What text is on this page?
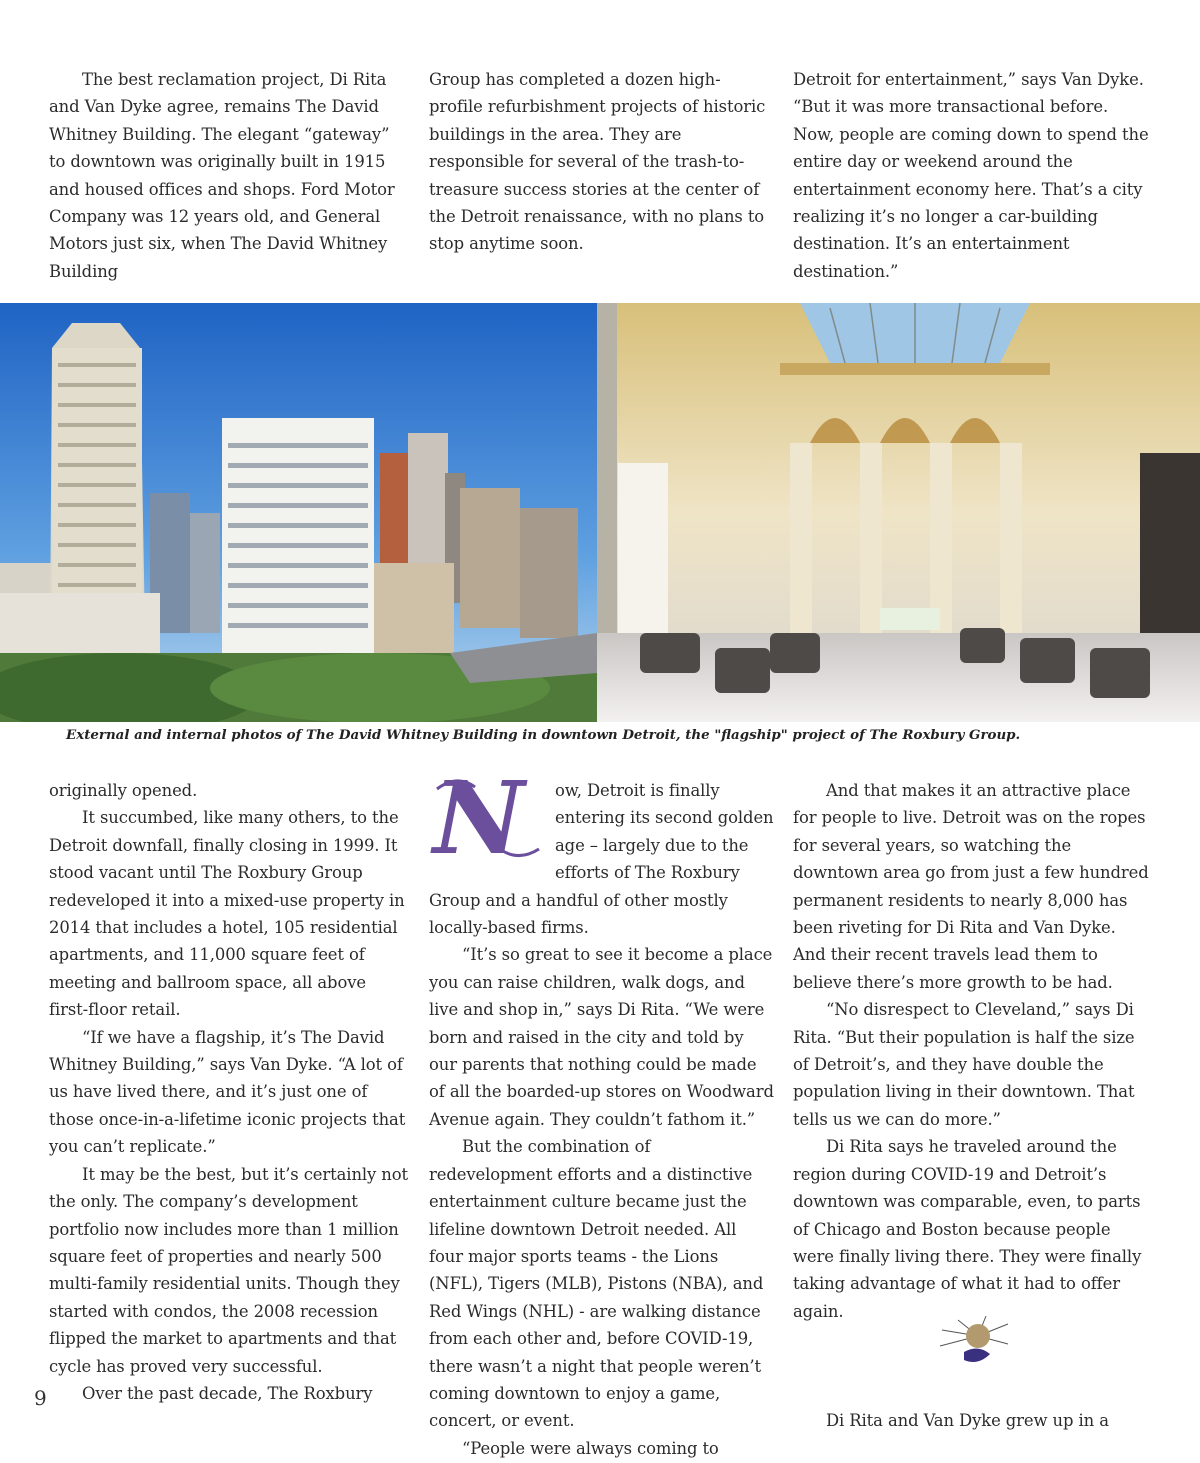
The best reclamation project, Di Rita and Van Dyke agree, remains The David Whitney Building. The elegant “gateway” to downtown was originally built in 1915 and housed offices and shops. Ford Motor Company was 12 years old, and General Motors just six, when The David Whitney Building

Group has completed a dozen high-profile refurbishment projects of historic buildings in the area. They are responsible for several of the trash-to-treasure success stories at the center of the Detroit renaissance, with no plans to stop anytime soon.

Detroit for entertainment,” says Van Dyke. “But it was more transactional before. Now, people are coming down to spend the entire day or weekend around the entertainment economy here. That’s a city realizing it’s no longer a car-building destination. It’s an entertainment destination.”

External and internal photos of The David Whitney Building in downtown Detroit, the "flagship" project of The Roxbury Group.

originally opened.

It succumbed, like many others, to the Detroit downfall, finally closing in 1999. It stood vacant until The Roxbury Group redeveloped it into a mixed-use property in 2014 that includes a hotel, 105 residential apartments, and 11,000 square feet of meeting and ballroom space, all above first-floor retail.

“If we have a flagship, it’s The David Whitney Building,” says Van Dyke. “A lot of us have lived there, and it’s just one of those once-in-a-lifetime iconic projects that you can’t replicate.”

It may be the best, but it’s certainly not the only. The company’s development portfolio now includes more than 1 million square feet of properties and nearly 500 multi-family residential units. Though they started with condos, the 2008 recession flipped the market to apartments and that cycle has proved very successful.

Over the past decade, The Roxbury

N	ow, Detroit is finally entering its second golden age – largely due to the efforts of The Roxbury Group and a handful of other mostly locally-based firms.

“It’s so great to see it become a place you can raise children, walk dogs, and live and shop in,” says Di Rita. “We were born and raised in the city and told by our parents that nothing could be made of all the boarded-up stores on Woodward Avenue again. They couldn’t fathom it.”

But the combination of redevelopment efforts and a distinctive entertainment culture became just the lifeline downtown Detroit needed. All four major sports teams - the Lions (NFL), Tigers (MLB), Pistons (NBA), and Red Wings (NHL) - are walking distance from each other and, before COVID-19, there wasn’t a night that people weren’t coming downtown to enjoy a game, concert, or event.

“People were always coming to

And that makes it an attractive place for people to live. Detroit was on the ropes for several years, so watching the downtown area go from just a few hundred permanent residents to nearly 8,000 has been riveting for Di Rita and Van Dyke. And their recent travels lead them to believe there’s more growth to be had.

“No disrespect to Cleveland,” says Di Rita. “But their population is half the size of Detroit’s, and they have double the population living in their downtown. That tells us we can do more.”

Di Rita says he traveled around the region during COVID-19 and Detroit’s downtown was comparable, even, to parts of Chicago and Boston because people were finally living there. They were finally taking advantage of what it had to offer again.

Di Rita and Van Dyke grew up in a

9
